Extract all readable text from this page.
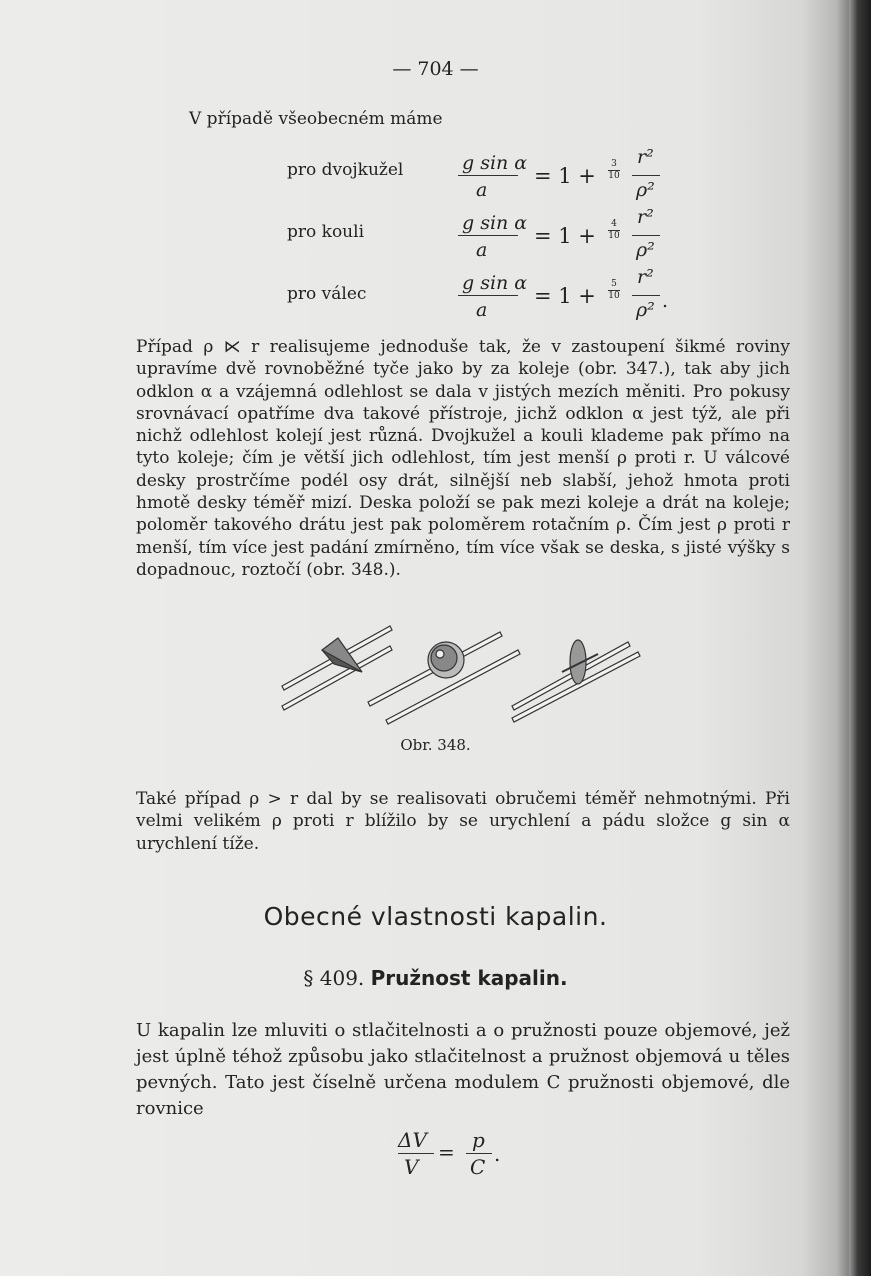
— 704 —
V případě všeobecném máme
pro dvojkužel	g sin α
a
= 1 +	3
10
r²
ρ²
pro kouli	g sin α
a
= 1 +	4
10
r²
ρ²
pro válec	g sin α
a
= 1 +	5
10
r²
ρ² .

Případ ρ ⋉ r realisujeme jednoduše tak, že v zastoupení šikmé roviny upravíme dvě rovnoběžné tyče jako by za koleje (obr. 347.), tak aby jich odklon α a vzájemná odlehlost se dala v jistých mezích měniti. Pro pokusy srovnávací opatříme dva takové přístroje, jichž odklon α jest týž, ale při nichž odlehlost kolejí jest různá. Dvojkužel a kouli klademe pak přímo na tyto koleje; čím je větší jich odlehlost, tím jest menší ρ proti r. U válcové desky prostrčíme podél osy drát, silnější neb slabší, jehož hmota proti hmotě desky téměř mizí. Deska položí se pak mezi koleje a drát na koleje; poloměr takového drátu jest pak poloměrem rotačním ρ. Čím jest ρ proti r menší, tím více jest padání zmírněno, tím více však se deska, s jisté výšky s dopadnouc, roztočí (obr. 348.).

Obr. 348.

Také případ ρ > r dal by se realisovati obručemi téměř nehmotnými. Při velmi velikém ρ proti r blížilo by se urychlení a pádu složce g sin α urychlení tíže.

Obecné vlastnosti kapalin.
§ 409. Pružnost kapalin.

U kapalin lze mluviti o stlačitelnosti a o pružnosti pouze objemové, jež jest úplně téhož způsobu jako stlačitelnost a pružnost objemová u těles pevných. Tato jest číselně určena modulem C pružnosti objemové, dle rovnice

ΔV
V
= p
C
.
